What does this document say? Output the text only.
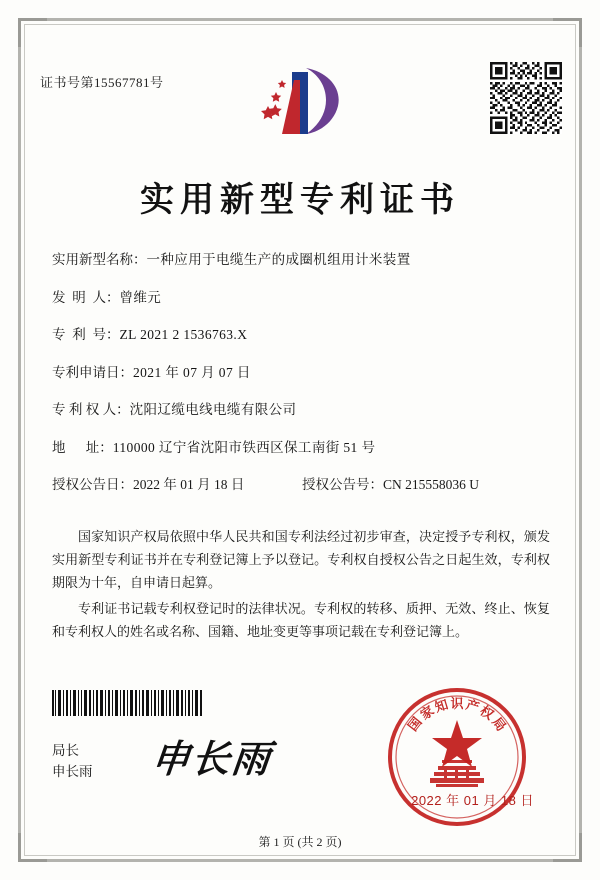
证书号第15567781号
实用新型专利证书
实用新型名称： 一种应用于电缆生产的成圈机组用计米装置
发  明  人： 曾维元
专  利  号： ZL 2021 2 1536763.X
专利申请日： 2021 年 07 月 07 日
专 利 权 人： 沈阳辽缆电线电缆有限公司
地      址： 110000 辽宁省沈阳市铁西区保工南街 51 号
授权公告日： 2022 年 01 月 18 日	授权公告号： CN 215558036 U

国家知识产权局依照中华人民共和国专利法经过初步审查，决定授予专利权，颁发实用新型专利证书并在专利登记簿上予以登记。专利权自授权公告之日起生效，专利权期限为十年，自申请日起算。

专利证书记载专利权登记时的法律状况。专利权的转移、质押、无效、终止、恢复和专利权人的姓名或名称、国籍、地址变更等事项记载在专利登记簿上。

局长
申长雨 申长雨
国
家
知 识 产
权
局
2022 年 01 月 18 日
第 1 页 (共 2 页)
